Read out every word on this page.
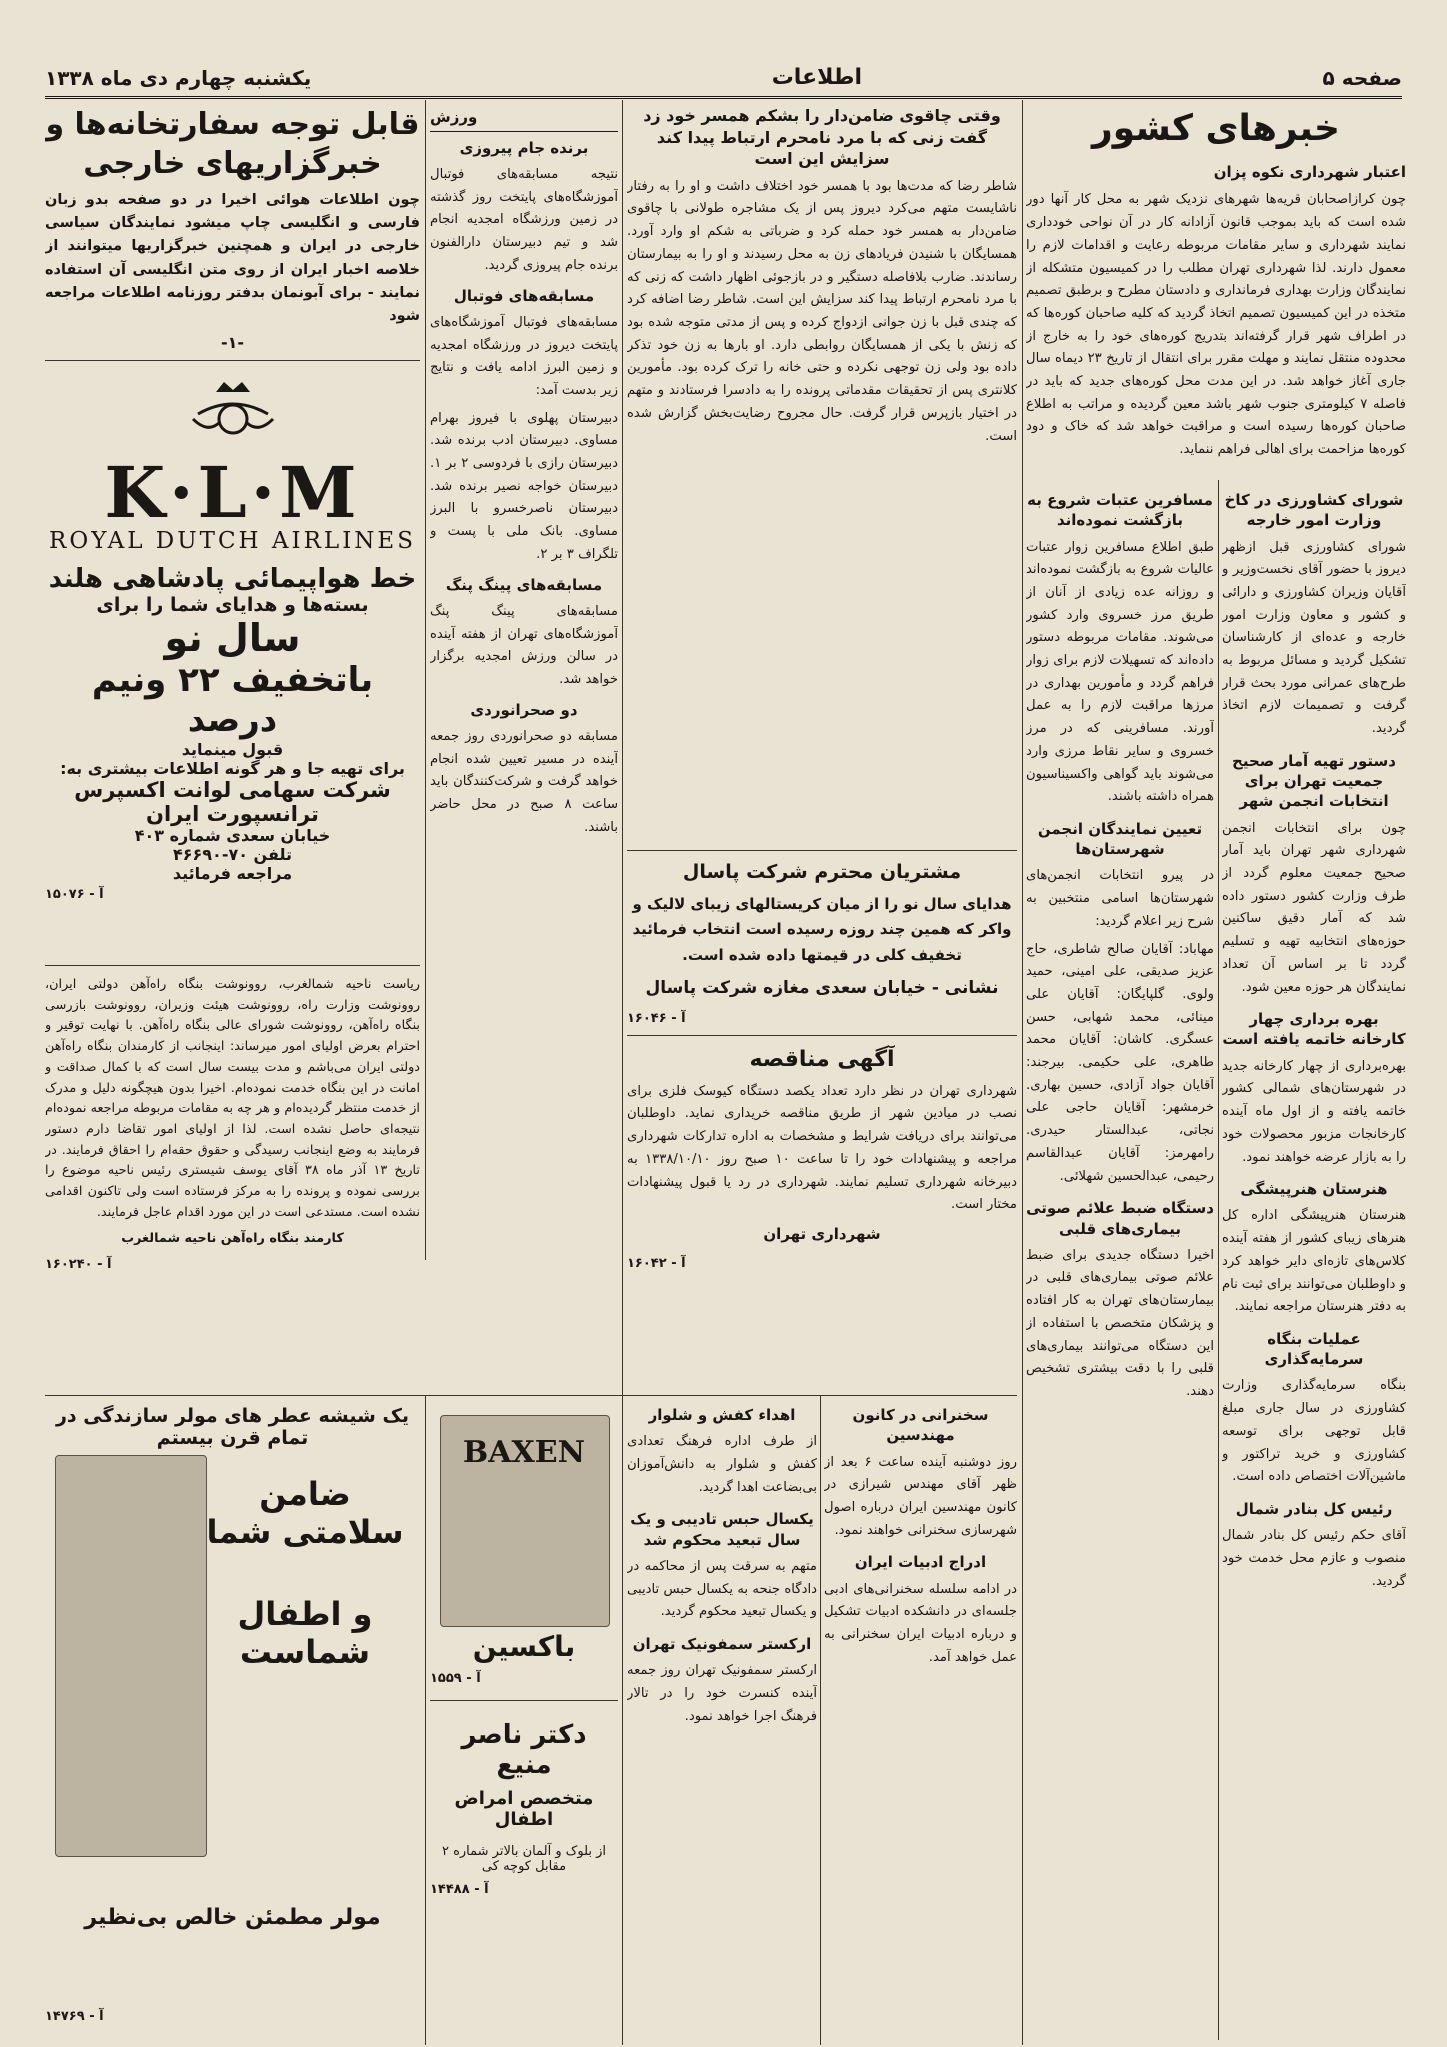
صفحه ۵
اطلاعات
یکشنبه چهارم دی ماه ۱۳۳۸
خبرهای کشور
اعتبار شهرداری نکوه پزان

چون کرازاصحابان قریه‌ها شهرهای نزدیک شهر به محل کار آنها دور شده است که باید بموجب قانون آزادانه کار در آن نواحی خودداری نمایند شهرداری و سایر مقامات مربوطه رعایت و اقدامات لازم را معمول دارند. لذا شهرداری تهران مطلب را در کمیسیون متشکله از نمایندگان وزارت بهداری فرمانداری و دادستان مطرح و برطبق تصمیم متخذه در این کمیسیون تصمیم اتخاذ گردید که کلیه صاحبان کوره‌ها که در اطراف شهر قرار گرفته‌اند بتدریج کوره‌های خود را به خارج از محدوده منتقل نمایند و مهلت مقرر برای انتقال از تاریخ ۲۳ دیماه سال جاری آغاز خواهد شد. در این مدت محل کوره‌های جدید که باید در فاصله ۷ کیلومتری جنوب شهر باشد معین گردیده و مراتب به اطلاع صاحبان کوره‌ها رسیده است و مراقبت خواهد شد که خاک و دود کوره‌ها مزاحمت برای اهالی فراهم ننماید.

شورای کشاورزی در کاخ وزارت امور خارجه

شورای کشاورزی قبل ازظهر دیروز با حضور آقای نخست‌وزیر و آقایان وزیران کشاورزی و دارائی و کشور و معاون وزارت امور خارجه و عده‌ای از کارشناسان تشکیل گردید و مسائل مربوط به طرح‌های عمرانی مورد بحث قرار گرفت و تصمیمات لازم اتخاذ گردید.

دستور تهیه آمار صحیح جمعیت تهران برای انتخابات انجمن شهر

چون برای انتخابات انجمن شهرداری شهر تهران باید آمار صحیح جمعیت معلوم گردد از طرف وزارت کشور دستور داده شد که آمار دقیق ساکنین حوزه‌های انتخابیه تهیه و تسلیم گردد تا بر اساس آن تعداد نمایندگان هر حوزه معین شود.

بهره برداری چهار کارخانه خاتمه یافته است

بهره‌برداری از چهار کارخانه جدید در شهرستان‌های شمالی کشور خاتمه یافته و از اول ماه آینده کارخانجات مزبور محصولات خود را به بازار عرضه خواهند نمود.

هنرستان هنرپیشگی

هنرستان هنرپیشگی اداره کل هنرهای زیبای کشور از هفته آینده کلاس‌های تازه‌ای دایر خواهد کرد و داوطلبان می‌توانند برای ثبت نام به دفتر هنرستان مراجعه نمایند.

عملیات بنگاه سرمایه‌گذاری

بنگاه سرمایه‌گذاری وزارت کشاورزی در سال جاری مبلغ قابل توجهی برای توسعه کشاورزی و خرید تراکتور و ماشین‌آلات اختصاص داده است.

رئیس کل بنادر شمال

آقای حکم رئیس کل بنادر شمال منصوب و عازم محل خدمت خود گردید.

مسافرین عتبات شروع به بازگشت نموده‌اند

طبق اطلاع مسافرین زوار عتبات عالیات شروع به بازگشت نموده‌اند و روزانه عده زیادی از آنان از طریق مرز خسروی وارد کشور می‌شوند. مقامات مربوطه دستور داده‌اند که تسهیلات لازم برای زوار فراهم گردد و مأمورین بهداری در مرزها مراقبت لازم را به عمل آورند. مسافرینی که در مرز خسروی و سایر نقاط مرزی وارد می‌شوند باید گواهی واکسیناسیون همراه داشته باشند.

تعیین نمایندگان انجمن شهرستان‌ها

در پیرو انتخابات انجمن‌های شهرستان‌ها اسامی منتخبین به شرح زیر اعلام گردید:

مهاباد: آقایان صالح شاطری، حاج عزیز صدیقی، علی امینی، حمید ولوی. گلپایگان: آقایان علی مینائی، محمد شهابی، حسن عسگری. کاشان: آقایان محمد طاهری، علی حکیمی. بیرجند: آقایان جواد آزادی، حسین بهاری. خرمشهر: آقایان حاجی علی نجاتی، عبدالستار حیدری. رامهرمز: آقایان عبدالقاسم رحیمی، عبدالحسین شهلائی.

دستگاه ضبط علائم صوتی بیماری‌های قلبی

اخیرا دستگاه جدیدی برای ضبط علائم صوتی بیماری‌های قلبی در بیمارستان‌های تهران به کار افتاده و پزشکان متخصص با استفاده از این دستگاه می‌توانند بیماری‌های قلبی را با دقت بیشتری تشخیص دهند.

وقتی چاقوی ضامن‌دار را بشکم همسر خود زد گفت زنی که با مرد نامحرم ارتباط پیدا کند سزایش این است

شاطر رضا که مدت‌ها بود با همسر خود اختلاف داشت و او را به رفتار ناشایست متهم می‌کرد دیروز پس از یک مشاجره طولانی با چاقوی ضامن‌دار به همسر خود حمله کرد و ضرباتی به شکم او وارد آورد. همسایگان با شنیدن فریادهای زن به محل رسیدند و او را به بیمارستان رساندند. ضارب بلافاصله دستگیر و در بازجوئی اظهار داشت که زنی که با مرد نامحرم ارتباط پیدا کند سزایش این است. شاطر رضا اضافه کرد که چندی قبل با زن جوانی ازدواج کرده و پس از مدتی متوجه شده بود که زنش با یکی از همسایگان روابطی دارد. او بارها به زن خود تذکر داده بود ولی زن توجهی نکرده و حتی خانه را ترک کرده بود. مأمورین کلانتری پس از تحقیقات مقدماتی پرونده را به دادسرا فرستادند و متهم در اختیار بازپرس قرار گرفت. حال مجروح رضایت‌بخش گزارش شده است.

مشتریان محترم شرکت پاسال

هدایای سال نو را از میان کریستالهای زیبای لالیک و واکر که همین چند روزه رسیده است انتخاب فرمائید تخفیف کلی در قیمتها داده شده است.

نشانی - خیابان سعدی مغازه شرکت پاسال

آ - ۱۶۰۴۶
آگهی مناقصه

شهرداری تهران در نظر دارد تعداد یکصد دستگاه کیوسک فلزی برای نصب در میادین شهر از طریق مناقصه خریداری نماید. داوطلبان می‌توانند برای دریافت شرایط و مشخصات به اداره تدارکات شهرداری مراجعه و پیشنهادات خود را تا ساعت ۱۰ صبح روز ۱۳۳۸/۱۰/۱۰ به دبیرخانه شهرداری تسلیم نمایند. شهرداری در رد یا قبول پیشنهادات مختار است.

شهرداری تهران

آ - ۱۶۰۴۲
سخنرانی در کانون مهندسین

روز دوشنبه آینده ساعت ۶ بعد از ظهر آقای مهندس شیرازی در کانون مهندسین ایران درباره اصول شهرسازی سخنرانی خواهند نمود.

ادراج ادبیات ایران

در ادامه سلسله سخنرانی‌های ادبی جلسه‌ای در دانشکده ادبیات تشکیل و درباره ادبیات ایران سخنرانی به عمل خواهد آمد.

اهداء کفش و شلوار

از طرف اداره فرهنگ تعدادی کفش و شلوار به دانش‌آموزان بی‌بضاعت اهدا گردید.

یکسال حبس تادیبی و یک سال تبعید محکوم شد

متهم به سرقت پس از محاکمه در دادگاه جنحه به یکسال حبس تادیبی و یکسال تبعید محکوم گردید.

ارکستر سمفونیک تهران

ارکستر سمفونیک تهران روز جمعه آینده کنسرت خود را در تالار فرهنگ اجرا خواهد نمود.

ورزش
برنده جام پیروزی

نتیجه مسابقه‌های فوتبال آموزشگاه‌های پایتخت روز گذشته در زمین ورزشگاه امجدیه انجام شد و تیم دبیرستان دارالفنون برنده جام پیروزی گردید.

مسابقه‌های فوتبال

مسابقه‌های فوتبال آموزشگاه‌های پایتخت دیروز در ورزشگاه امجدیه و زمین البرز ادامه یافت و نتایج زیر بدست آمد:

دبیرستان پهلوی با فیروز بهرام مساوی. دبیرستان ادب برنده شد. دبیرستان رازی با فردوسی ۲ بر ۱. دبیرستان خواجه نصیر برنده شد. دبیرستان ناصرخسرو با البرز مساوی. بانک ملی با پست و تلگراف ۳ بر ۲.

مسابقه‌های پینگ پنگ

مسابقه‌های پینگ پنگ آموزشگاه‌های تهران از هفته آینده در سالن ورزش امجدیه برگزار خواهد شد.

دو صحرانوردی

مسابقه دو صحرانوردی روز جمعه آینده در مسیر تعیین شده انجام خواهد گرفت و شرکت‌کنندگان باید ساعت ۸ صبح در محل حاضر باشند.

قابل توجه سفارتخانه‌ها و خبرگزاریهای خارجی

چون اطلاعات هوائی اخیرا در دو صفحه بدو زبان فارسی و انگلیسی چاپ میشود نمایندگان سیاسی خارجی در ایران و همچنین خبرگزاریها میتوانند از خلاصه اخبار ایران از روی متن انگلیسی آن استفاده نمایند - برای آبونمان بدفتر روزنامه اطلاعات مراجعه شود

-۱-
K·L·M
ROYAL DUTCH AIRLINES
خط هواپیمائی پادشاهی هلند
بسته‌ها و هدایای شما را برای
سال نو
باتخفیف ۲۲ ونیم درصد
قبول مینماید
برای تهیه جا و هر گونه اطلاعات بیشتری به:
شرکت سهامی لوانت اکسپرس ترانسپورت ایران
خیابان سعدی شماره ۴۰۳
تلفن ۷۰-۴۶۶۹۰
مراجعه فرمائید
آ - ۱۵۰۷۶

ریاست ناحیه شمالغرب، روونوشت بنگاه راه‌آهن دولتی ایران، روونوشت وزارت راه، روونوشت هیئت وزیران، روونوشت بازرسی بنگاه راه‌آهن، روونوشت شورای عالی بنگاه راه‌آهن. با نهایت توقیر و احترام بعرض اولیای امور میرساند: اینجانب از کارمندان بنگاه راه‌آهن دولتی ایران می‌باشم و مدت بیست سال است که با کمال صداقت و امانت در این بنگاه خدمت نموده‌ام. اخیرا بدون هیچگونه دلیل و مدرک از خدمت منتظر گردیده‌ام و هر چه به مقامات مربوطه مراجعه نموده‌ام نتیجه‌ای حاصل نشده است. لذا از اولیای امور تقاضا دارم دستور فرمایند به وضع اینجانب رسیدگی و حقوق حقه‌ام را احقاق فرمایند. در تاریخ ۱۳ آذر ماه ۳۸ آقای یوسف شیستری رئیس ناحیه موضوع را بررسی نموده و پرونده را به مرکز فرستاده است ولی تاکنون اقدامی نشده است. مستدعی است در این مورد اقدام عاجل فرمایند.

کارمند بنگاه راه‌آهن ناحیه شمالغرب

آ - ۱۶۰۲۴۰
یک شیشه عطر های مولر سازندگی در تمام قرن بیستم
ضامن سلامتی شما
و اطفال شماست
مولر مطمئن خالص بی‌نظیر
آ - ۱۴۷۶۹
BAXEN
باکسین
آ - ۱۵۵۹
دکتر ناصر منیع
متخصص امراض اطفال
از بلوک و آلمان بالاتر شماره ۲ مقابل کوچه کی
آ - ۱۴۴۸۸
